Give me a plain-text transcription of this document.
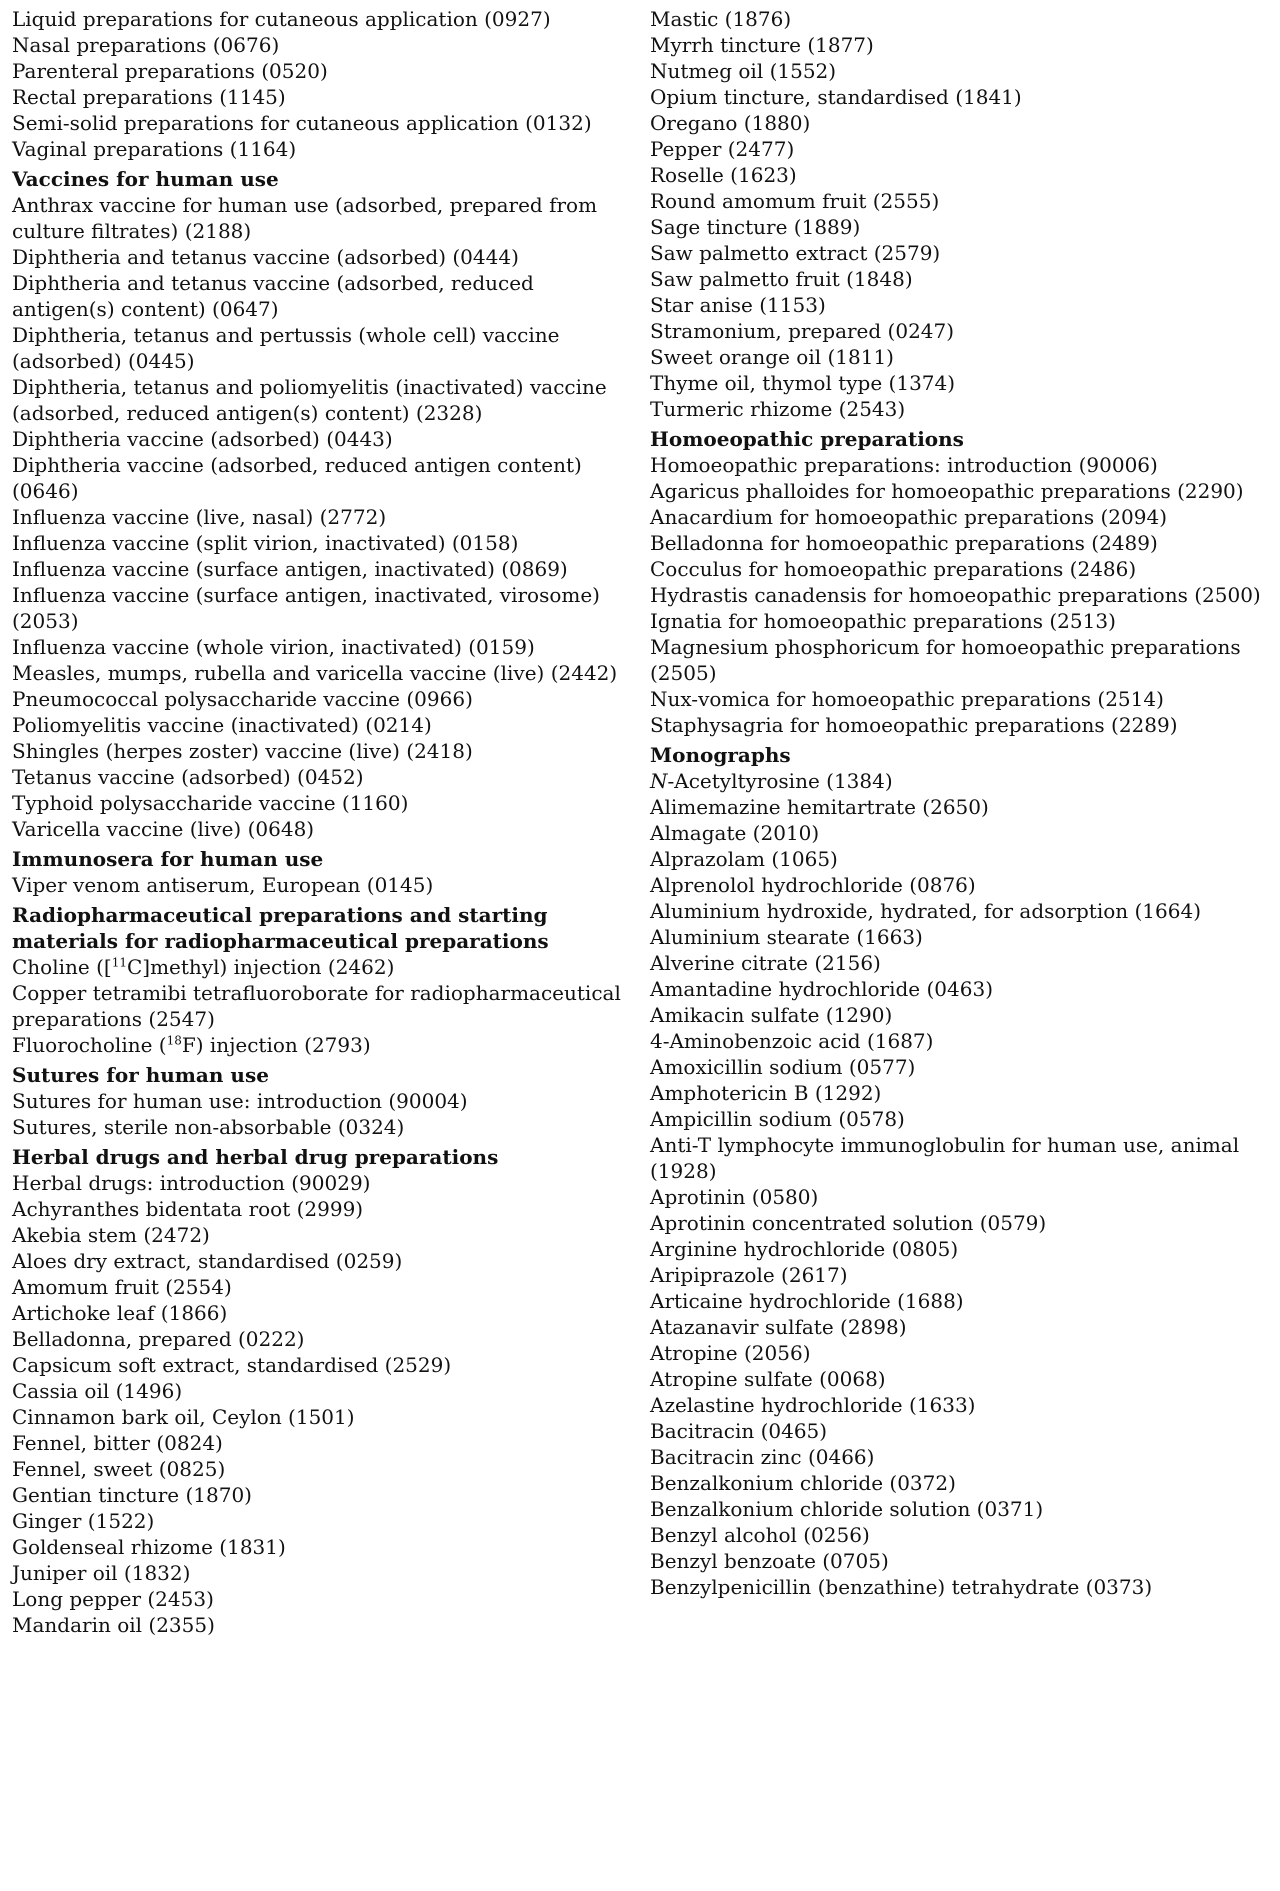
Liquid preparations for cutaneous application (0927)
Nasal preparations (0676)
Parenteral preparations (0520)
Rectal preparations (1145)
Semi-solid preparations for cutaneous application (0132)
Vaginal preparations (1164)
Vaccines for human use
Anthrax vaccine for human use (adsorbed, prepared from culture filtrates) (2188)
Diphtheria and tetanus vaccine (adsorbed) (0444)
Diphtheria and tetanus vaccine (adsorbed, reduced antigen(s) content) (0647)
Diphtheria, tetanus and pertussis (whole cell) vaccine (adsorbed) (0445)
Diphtheria, tetanus and poliomyelitis (inactivated) vaccine (adsorbed, reduced antigen(s) content) (2328)
Diphtheria vaccine (adsorbed) (0443)
Diphtheria vaccine (adsorbed, reduced antigen content) (0646)
Influenza vaccine (live, nasal) (2772)
Influenza vaccine (split virion, inactivated) (0158)
Influenza vaccine (surface antigen, inactivated) (0869)
Influenza vaccine (surface antigen, inactivated, virosome) (2053)
Influenza vaccine (whole virion, inactivated) (0159)
Measles, mumps, rubella and varicella vaccine (live) (2442)
Pneumococcal polysaccharide vaccine (0966)
Poliomyelitis vaccine (inactivated) (0214)
Shingles (herpes zoster) vaccine (live) (2418)
Tetanus vaccine (adsorbed) (0452)
Typhoid polysaccharide vaccine (1160)
Varicella vaccine (live) (0648)
Immunosera for human use
Viper venom antiserum, European (0145)
Radiopharmaceutical preparations and starting materials for radiopharmaceutical preparations
Choline ([$^{11}$C]methyl) injection (2462)
Copper tetramibi tetrafluoroborate for radiopharmaceutical preparations (2547)
Fluorocholine ($^{18}$F) injection (2793)
Sutures for human use
Sutures for human use: introduction (90004)
Sutures, sterile non-absorbable (0324)
Herbal drugs and herbal drug preparations
Herbal drugs: introduction (90029)
Achyranthes bidentata root (2999)
Akebia stem (2472)
Aloes dry extract, standardised (0259)
Amomum fruit (2554)
Artichoke leaf (1866)
Belladonna, prepared (0222)
Capsicum soft extract, standardised (2529)
Cassia oil (1496)
Cinnamon bark oil, Ceylon (1501)
Fennel, bitter (0824)
Fennel, sweet (0825)
Gentian tincture (1870)
Ginger (1522)
Goldenseal rhizome (1831)
Juniper oil (1832)
Long pepper (2453)
Mandarin oil (2355)
Mastic (1876)
Myrrh tincture (1877)
Nutmeg oil (1552)
Opium tincture, standardised (1841)
Oregano (1880)
Pepper (2477)
Roselle (1623)
Round amomum fruit (2555)
Sage tincture (1889)
Saw palmetto extract (2579)
Saw palmetto fruit (1848)
Star anise (1153)
Stramonium, prepared (0247)
Sweet orange oil (1811)
Thyme oil, thymol type (1374)
Turmeric rhizome (2543)
Homoeopathic preparations
Homoeopathic preparations: introduction (90006)
Agaricus phalloides for homoeopathic preparations (2290)
Anacardium for homoeopathic preparations (2094)
Belladonna for homoeopathic preparations (2489)
Cocculus for homoeopathic preparations (2486)
Hydrastis canadensis for homoeopathic preparations (2500)
Ignatia for homoeopathic preparations (2513)
Magnesium phosphoricum for homoeopathic preparations (2505)
Nux-vomica for homoeopathic preparations (2514)
Staphysagria for homoeopathic preparations (2289)
Monographs
N-Acetyltyrosine (1384)
Alimemazine hemitartrate (2650)
Almagate (2010)
Alprazolam (1065)
Alprenolol hydrochloride (0876)
Aluminium hydroxide, hydrated, for adsorption (1664)
Aluminium stearate (1663)
Alverine citrate (2156)
Amantadine hydrochloride (0463)
Amikacin sulfate (1290)
4-Aminobenzoic acid (1687)
Amoxicillin sodium (0577)
Amphotericin B (1292)
Ampicillin sodium (0578)
Anti-T lymphocyte immunoglobulin for human use, animal (1928)
Aprotinin (0580)
Aprotinin concentrated solution (0579)
Arginine hydrochloride (0805)
Aripiprazole (2617)
Articaine hydrochloride (1688)
Atazanavir sulfate (2898)
Atropine (2056)
Atropine sulfate (0068)
Azelastine hydrochloride (1633)
Bacitracin (0465)
Bacitracin zinc (0466)
Benzalkonium chloride (0372)
Benzalkonium chloride solution (0371)
Benzyl alcohol (0256)
Benzyl benzoate (0705)
Benzylpenicillin (benzathine) tetrahydrate (0373)
